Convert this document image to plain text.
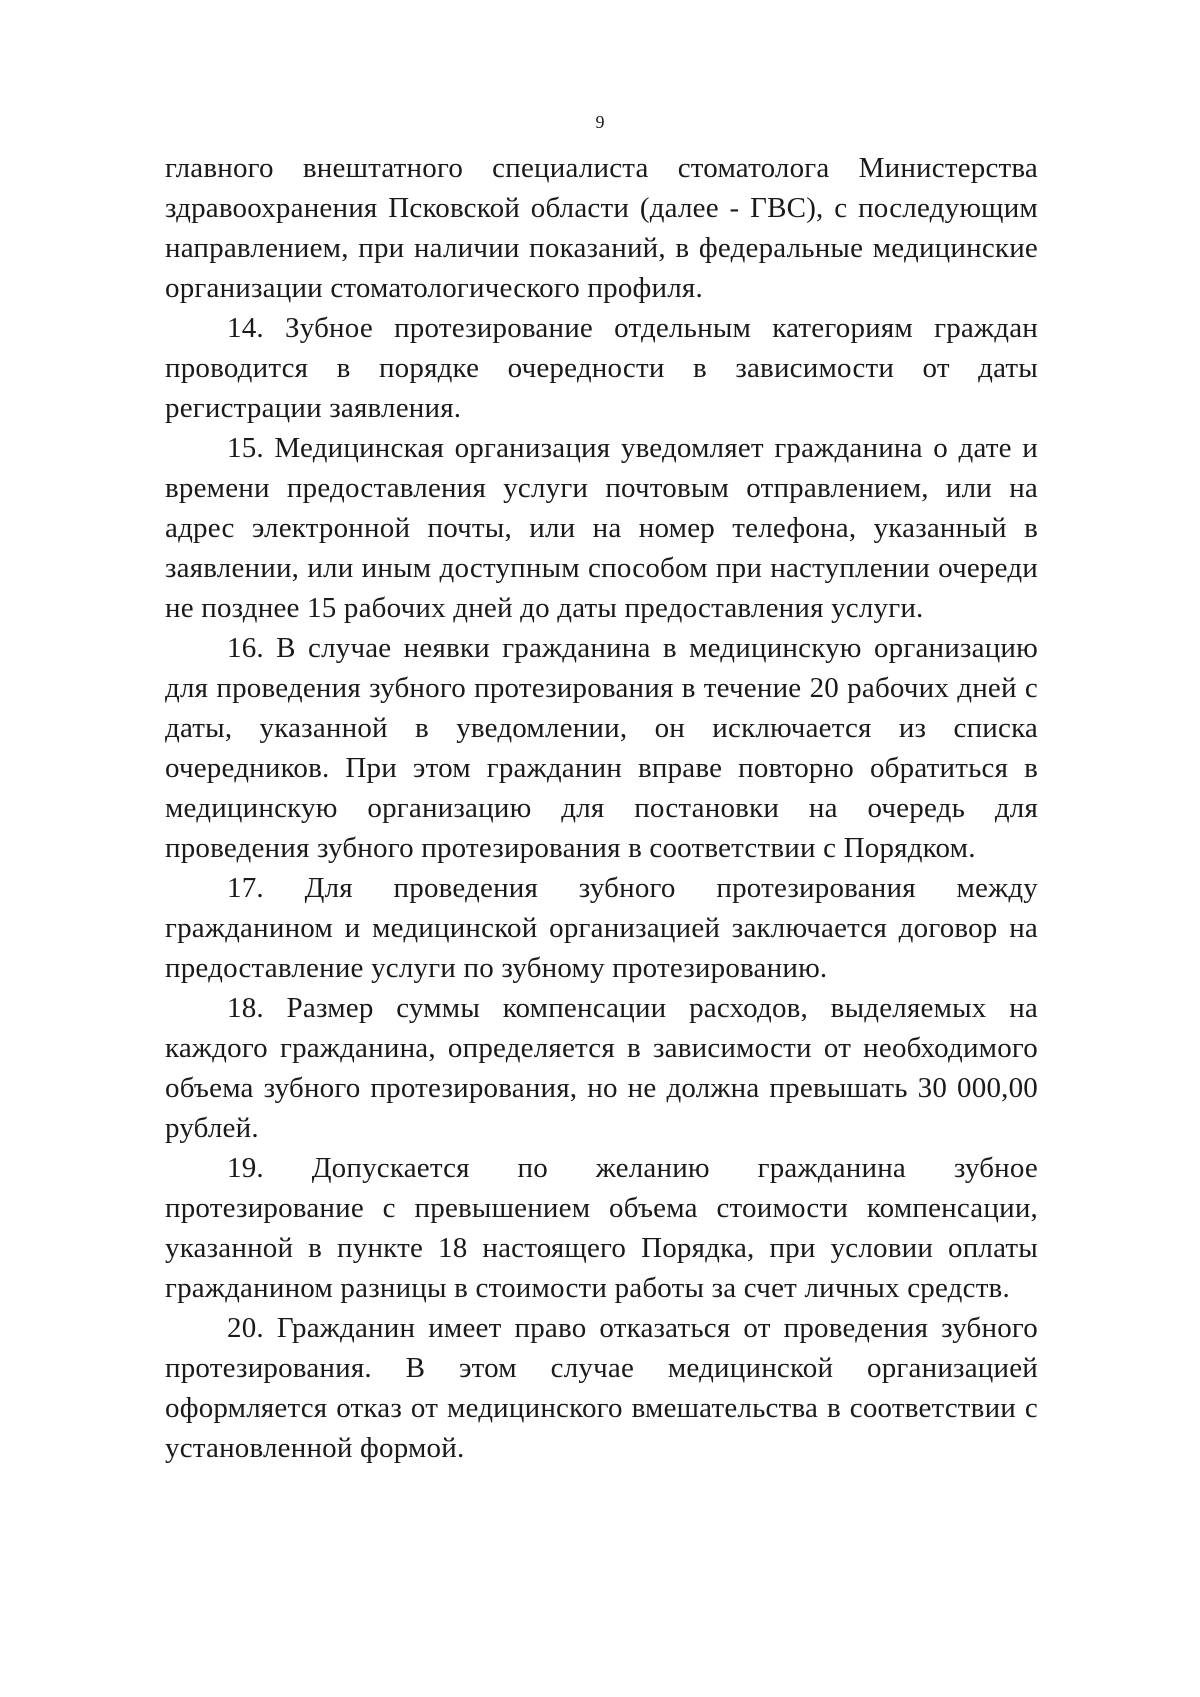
9

главного внештатного специалиста стоматолога Министерства здравоохранения Псковской области (далее - ГВС), с последующим направлением, при наличии показаний, в федеральные медицинские организации стоматологического профиля.

14. Зубное протезирование отдельным категориям граждан проводится в порядке очередности в зависимости от даты регистрации заявления.

15. Медицинская организация уведомляет гражданина о дате и времени предоставления услуги почтовым отправлением, или на адрес электронной почты, или на номер телефона, указанный в заявлении, или иным доступным способом при наступлении очереди не позднее 15 рабочих дней до даты предоставления услуги.

16. В случае неявки гражданина в медицинскую организацию для проведения зубного протезирования в течение 20 рабочих дней с даты, указанной в уведомлении, он исключается из списка очередников. При этом гражданин вправе повторно обратиться в медицинскую организацию для постановки на очередь для проведения зубного протезирования в соответствии с Порядком.

17. Для проведения зубного протезирования между гражданином и медицинской организацией заключается договор на предоставление услуги по зубному протезированию.

18. Размер суммы компенсации расходов, выделяемых на каждого гражданина, определяется в зависимости от необходимого объема зубного протезирования, но не должна превышать 30 000,00 рублей.

19. Допускается по желанию гражданина зубное протезирование с превышением объема стоимости компенсации, указанной в пункте 18 настоящего Порядка, при условии оплаты гражданином разницы в стоимости работы за счет личных средств.

20. Гражданин имеет право отказаться от проведения зубного протезирования. В этом случае медицинской организацией оформляется отказ от медицинского вмешательства в соответствии с установленной формой.
